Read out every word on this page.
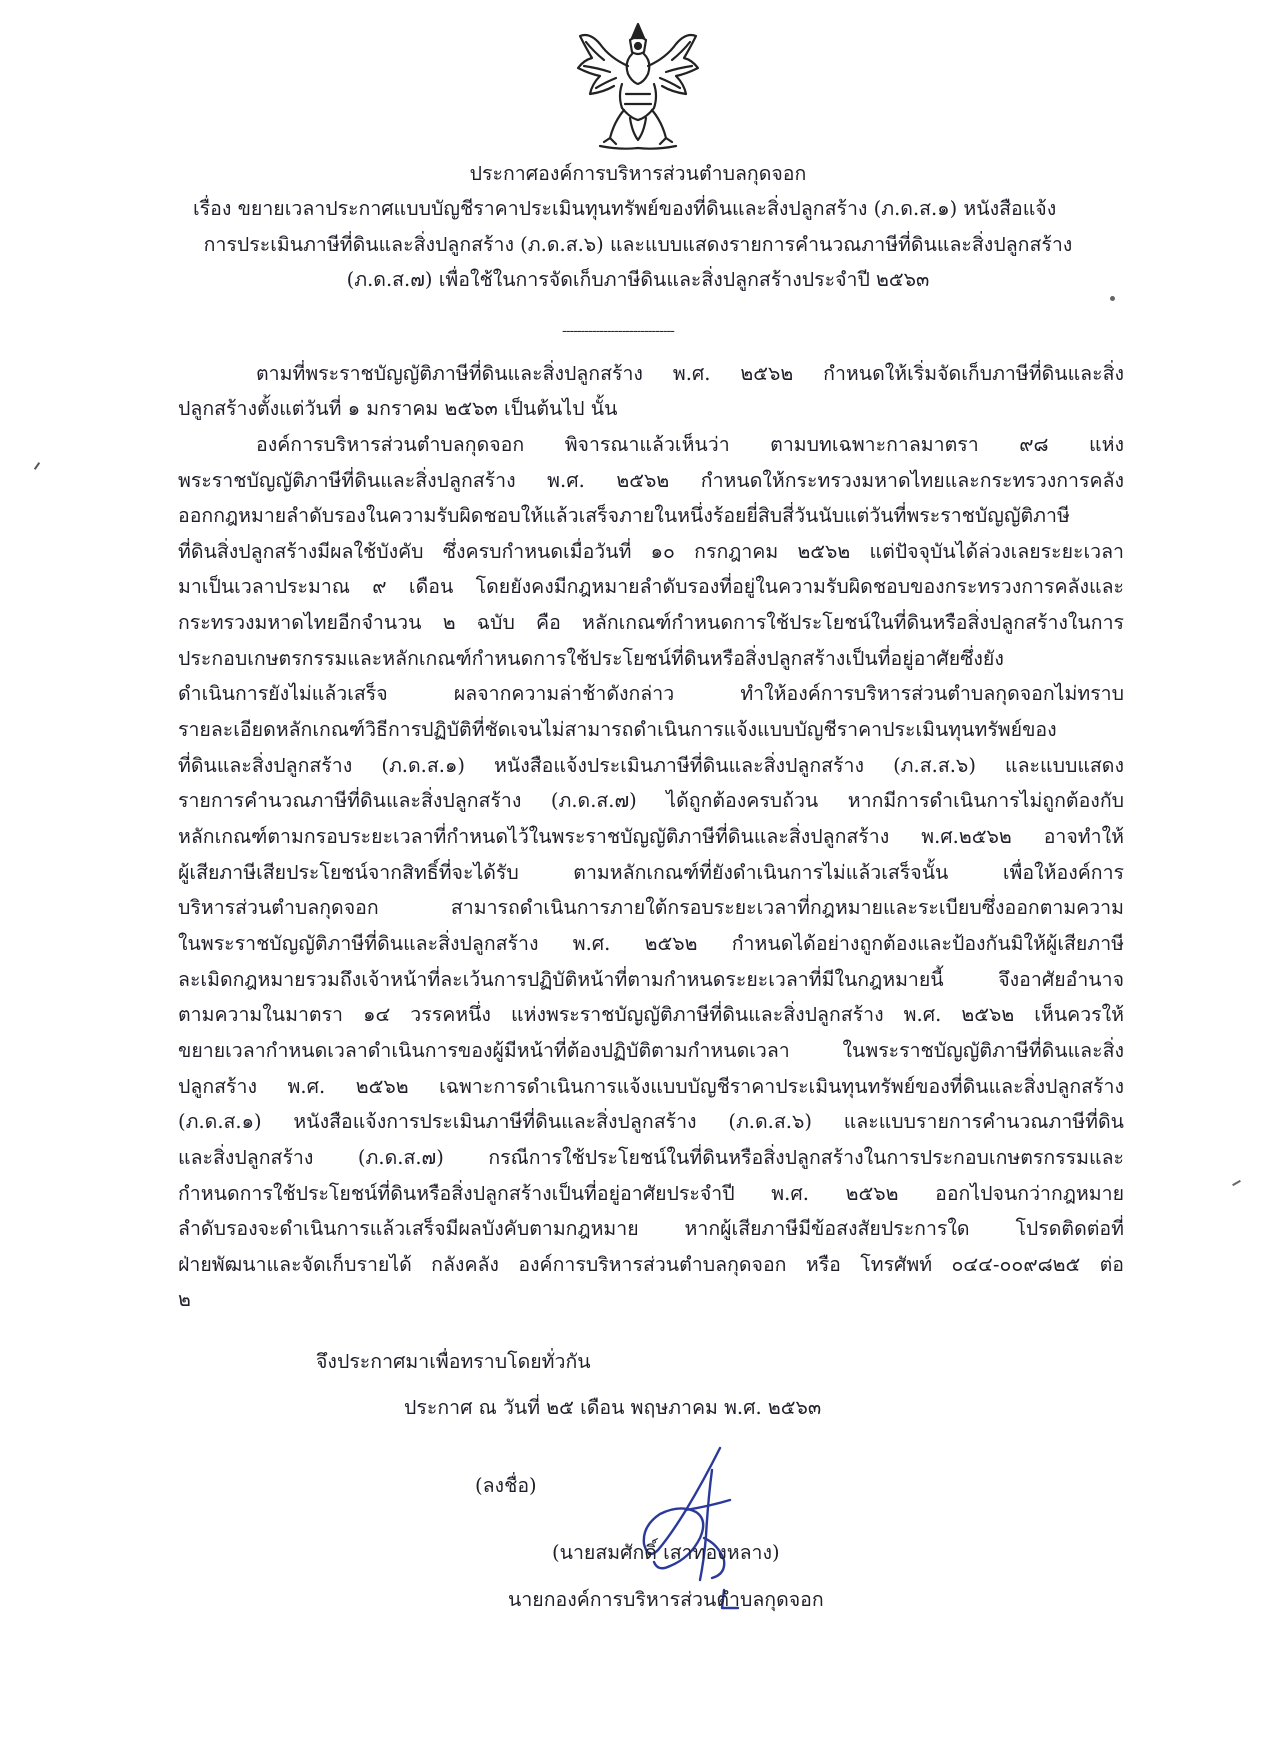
ประกาศองค์การบริหารส่วนตำบลกุดจอก
เรื่อง ขยายเวลาประกาศแบบบัญชีราคาประเมินทุนทรัพย์ของที่ดินและสิ่งปลูกสร้าง (ภ.ด.ส.๑) หนังสือแจ้ง
การประเมินภาษีที่ดินและสิ่งปลูกสร้าง (ภ.ด.ส.๖) และแบบแสดงรายการคำนวณภาษีที่ดินและสิ่งปลูกสร้าง
(ภ.ด.ส.๗) เพื่อใช้ในการจัดเก็บภาษีดินและสิ่งปลูกสร้างประจำปี ๒๕๖๓
------------------------------
ตามที่พระราชบัญญัติภาษีที่ดินและสิ่งปลูกสร้าง พ.ศ. ๒๕๖๒ กำหนดให้เริ่มจัดเก็บภาษีที่ดินและสิ่ง
ปลูกสร้างตั้งแต่วันที่ ๑ มกราคม ๒๕๖๓ เป็นต้นไป นั้น
องค์การบริหารส่วนตำบลกุดจอก พิจารณาแล้วเห็นว่า ตามบทเฉพาะกาลมาตรา ๙๘ แห่ง
พระราชบัญญัติภาษีที่ดินและสิ่งปลูกสร้าง พ.ศ. ๒๕๖๒ กำหนดให้กระทรวงมหาดไทยและกระทรวงการคลัง
ออกกฎหมายลำดับรองในความรับผิดชอบให้แล้วเสร็จภายในหนึ่งร้อยยี่สิบสี่วันนับแต่วันที่พระราชบัญญัติภาษี
ที่ดินสิ่งปลูกสร้างมีผลใช้บังคับ ซึ่งครบกำหนดเมื่อวันที่ ๑๐ กรกฎาคม ๒๕๖๒ แต่ปัจจุบันได้ล่วงเลยระยะเวลา
มาเป็นเวลาประมาณ ๙ เดือน โดยยังคงมีกฎหมายลำดับรองที่อยู่ในความรับผิดชอบของกระทรวงการคลังและ
กระทรวงมหาดไทยอีกจำนวน ๒ ฉบับ คือ หลักเกณฑ์กำหนดการใช้ประโยชน์ในที่ดินหรือสิ่งปลูกสร้างในการ
ประกอบเกษตรกรรมและหลักเกณฑ์กำหนดการใช้ประโยชน์ที่ดินหรือสิ่งปลูกสร้างเป็นที่อยู่อาศัยซึ่งยัง
ดำเนินการยังไม่แล้วเสร็จ ผลจากความล่าช้าดังกล่าว ทำให้องค์การบริหารส่วนตำบลกุดจอกไม่ทราบ
รายละเอียดหลักเกณฑ์วิธีการปฏิบัติที่ชัดเจนไม่สามารถดำเนินการแจ้งแบบบัญชีราคาประเมินทุนทรัพย์ของ
ที่ดินและสิ่งปลูกสร้าง (ภ.ด.ส.๑) หนังสือแจ้งประเมินภาษีที่ดินและสิ่งปลูกสร้าง (ภ.ส.ส.๖) และแบบแสดง
รายการคำนวณภาษีที่ดินและสิ่งปลูกสร้าง (ภ.ด.ส.๗) ได้ถูกต้องครบถ้วน หากมีการดำเนินการไม่ถูกต้องกับ
หลักเกณฑ์ตามกรอบระยะเวลาที่กำหนดไว้ในพระราชบัญญัติภาษีที่ดินและสิ่งปลูกสร้าง พ.ศ.๒๕๖๒ อาจทำให้
ผู้เสียภาษีเสียประโยชน์จากสิทธิ์ที่จะได้รับ ตามหลักเกณฑ์ที่ยังดำเนินการไม่แล้วเสร็จนั้น เพื่อให้องค์การ
บริหารส่วนตำบลกุดจอก สามารถดำเนินการภายใต้กรอบระยะเวลาที่กฎหมายและระเบียบซึ่งออกตามความ
ในพระราชบัญญัติภาษีที่ดินและสิ่งปลูกสร้าง พ.ศ. ๒๕๖๒ กำหนดได้อย่างถูกต้องและป้องกันมิให้ผู้เสียภาษี
ละเมิดกฎหมายรวมถึงเจ้าหน้าที่ละเว้นการปฏิบัติหน้าที่ตามกำหนดระยะเวลาที่มีในกฎหมายนี้ จึงอาศัยอำนาจ
ตามความในมาตรา ๑๔ วรรคหนึ่ง แห่งพระราชบัญญัติภาษีที่ดินและสิ่งปลูกสร้าง พ.ศ. ๒๕๖๒ เห็นควรให้
ขยายเวลากำหนดเวลาดำเนินการของผู้มีหน้าที่ต้องปฏิบัติตามกำหนดเวลา ในพระราชบัญญัติภาษีที่ดินและสิ่ง
ปลูกสร้าง พ.ศ. ๒๕๖๒ เฉพาะการดำเนินการแจ้งแบบบัญชีราคาประเมินทุนทรัพย์ของที่ดินและสิ่งปลูกสร้าง
(ภ.ด.ส.๑) หนังสือแจ้งการประเมินภาษีที่ดินและสิ่งปลูกสร้าง (ภ.ด.ส.๖) และแบบรายการคำนวณภาษีที่ดิน
และสิ่งปลูกสร้าง (ภ.ด.ส.๗) กรณีการใช้ประโยชน์ในที่ดินหรือสิ่งปลูกสร้างในการประกอบเกษตรกรรมและ
กำหนดการใช้ประโยชน์ที่ดินหรือสิ่งปลูกสร้างเป็นที่อยู่อาศัยประจำปี พ.ศ. ๒๕๖๒ ออกไปจนกว่ากฎหมาย
ลำดับรองจะดำเนินการแล้วเสร็จมีผลบังคับตามกฎหมาย หากผู้เสียภาษีมีข้อสงสัยประการใด โปรดติดต่อที่
ฝ่ายพัฒนาและจัดเก็บรายได้ กลังคลัง องค์การบริหารส่วนตำบลกุดจอก หรือ โทรศัพท์ ๐๔๔-๐๐๙๘๒๕ ต่อ
๒
จึงประกาศมาเพื่อทราบโดยทั่วกัน
ประกาศ ณ วันที่ ๒๕ เดือน พฤษภาคม พ.ศ. ๒๕๖๓
(ลงชื่อ)
(นายสมศักดิ์ เสาทองหลาง)
นายกองค์การบริหารส่วนตำบลกุดจอก
